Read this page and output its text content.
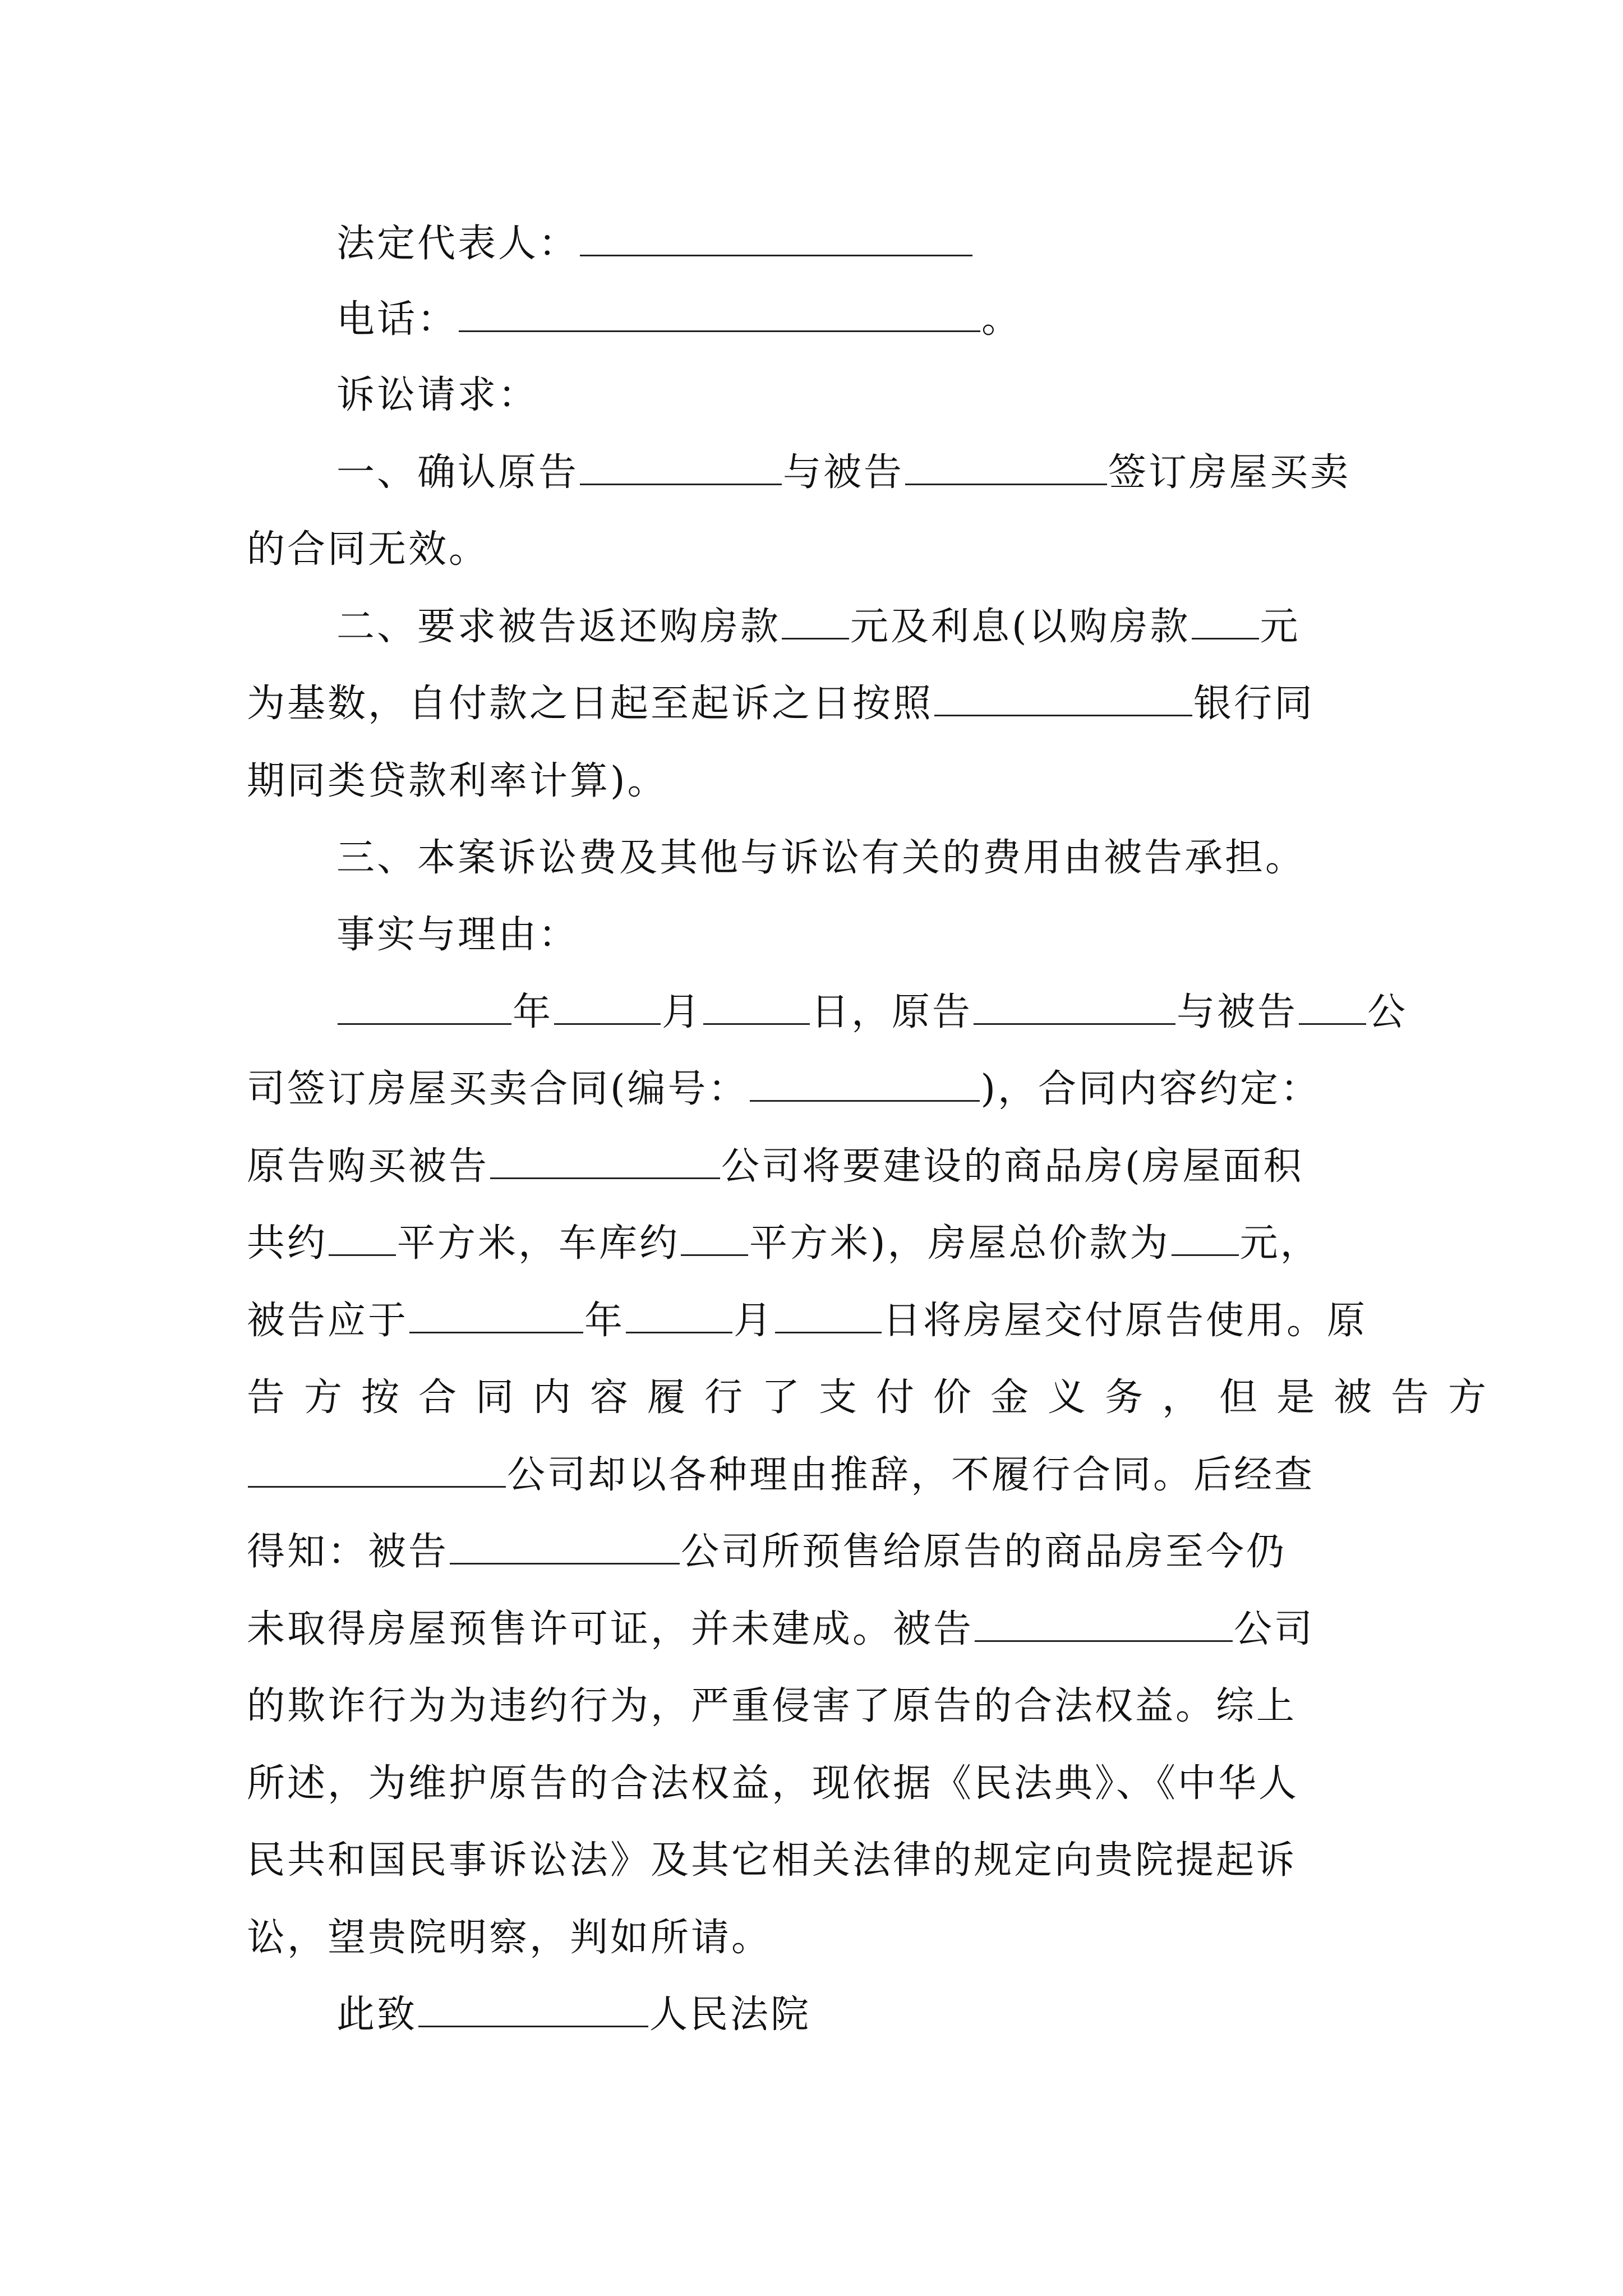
法定代表人：
电话：	。
诉讼请求：
一、确认原告	与被告	签订房屋买卖
的合同无效。
二、要求被告返还购房款 元及利息(以购房款 元
为基数，自付款之日起至起诉之日按照	银行同
期同类贷款利率计算)。
三、本案诉讼费及其他与诉讼有关的费用由被告承担。
事实与理由：
年	月	日，原告	与被告 公
司签订房屋买卖合同(编号：	)，合同内容约定：
原告购买被告	公司将要建设的商品房(房屋面积
共约 平方米，车库约 平方米)，房屋总价款为 元，
被告应于	年	月	日将房屋交付原告使用。原
告方按合同内容履行了支付价金义务，但是被告方
公司却以各种理由推辞，不履行合同。后经查
得知：被告	公司所预售给原告的商品房至今仍
未取得房屋预售许可证，并未建成。被告	公司
的欺诈行为为违约行为，严重侵害了原告的合法权益。综上
所述，为维护原告的合法权益，现依据《民法典》、《中华人
民共和国民事诉讼法》及其它相关法律的规定向贵院提起诉
讼，望贵院明察，判如所请。
此致	人民法院
